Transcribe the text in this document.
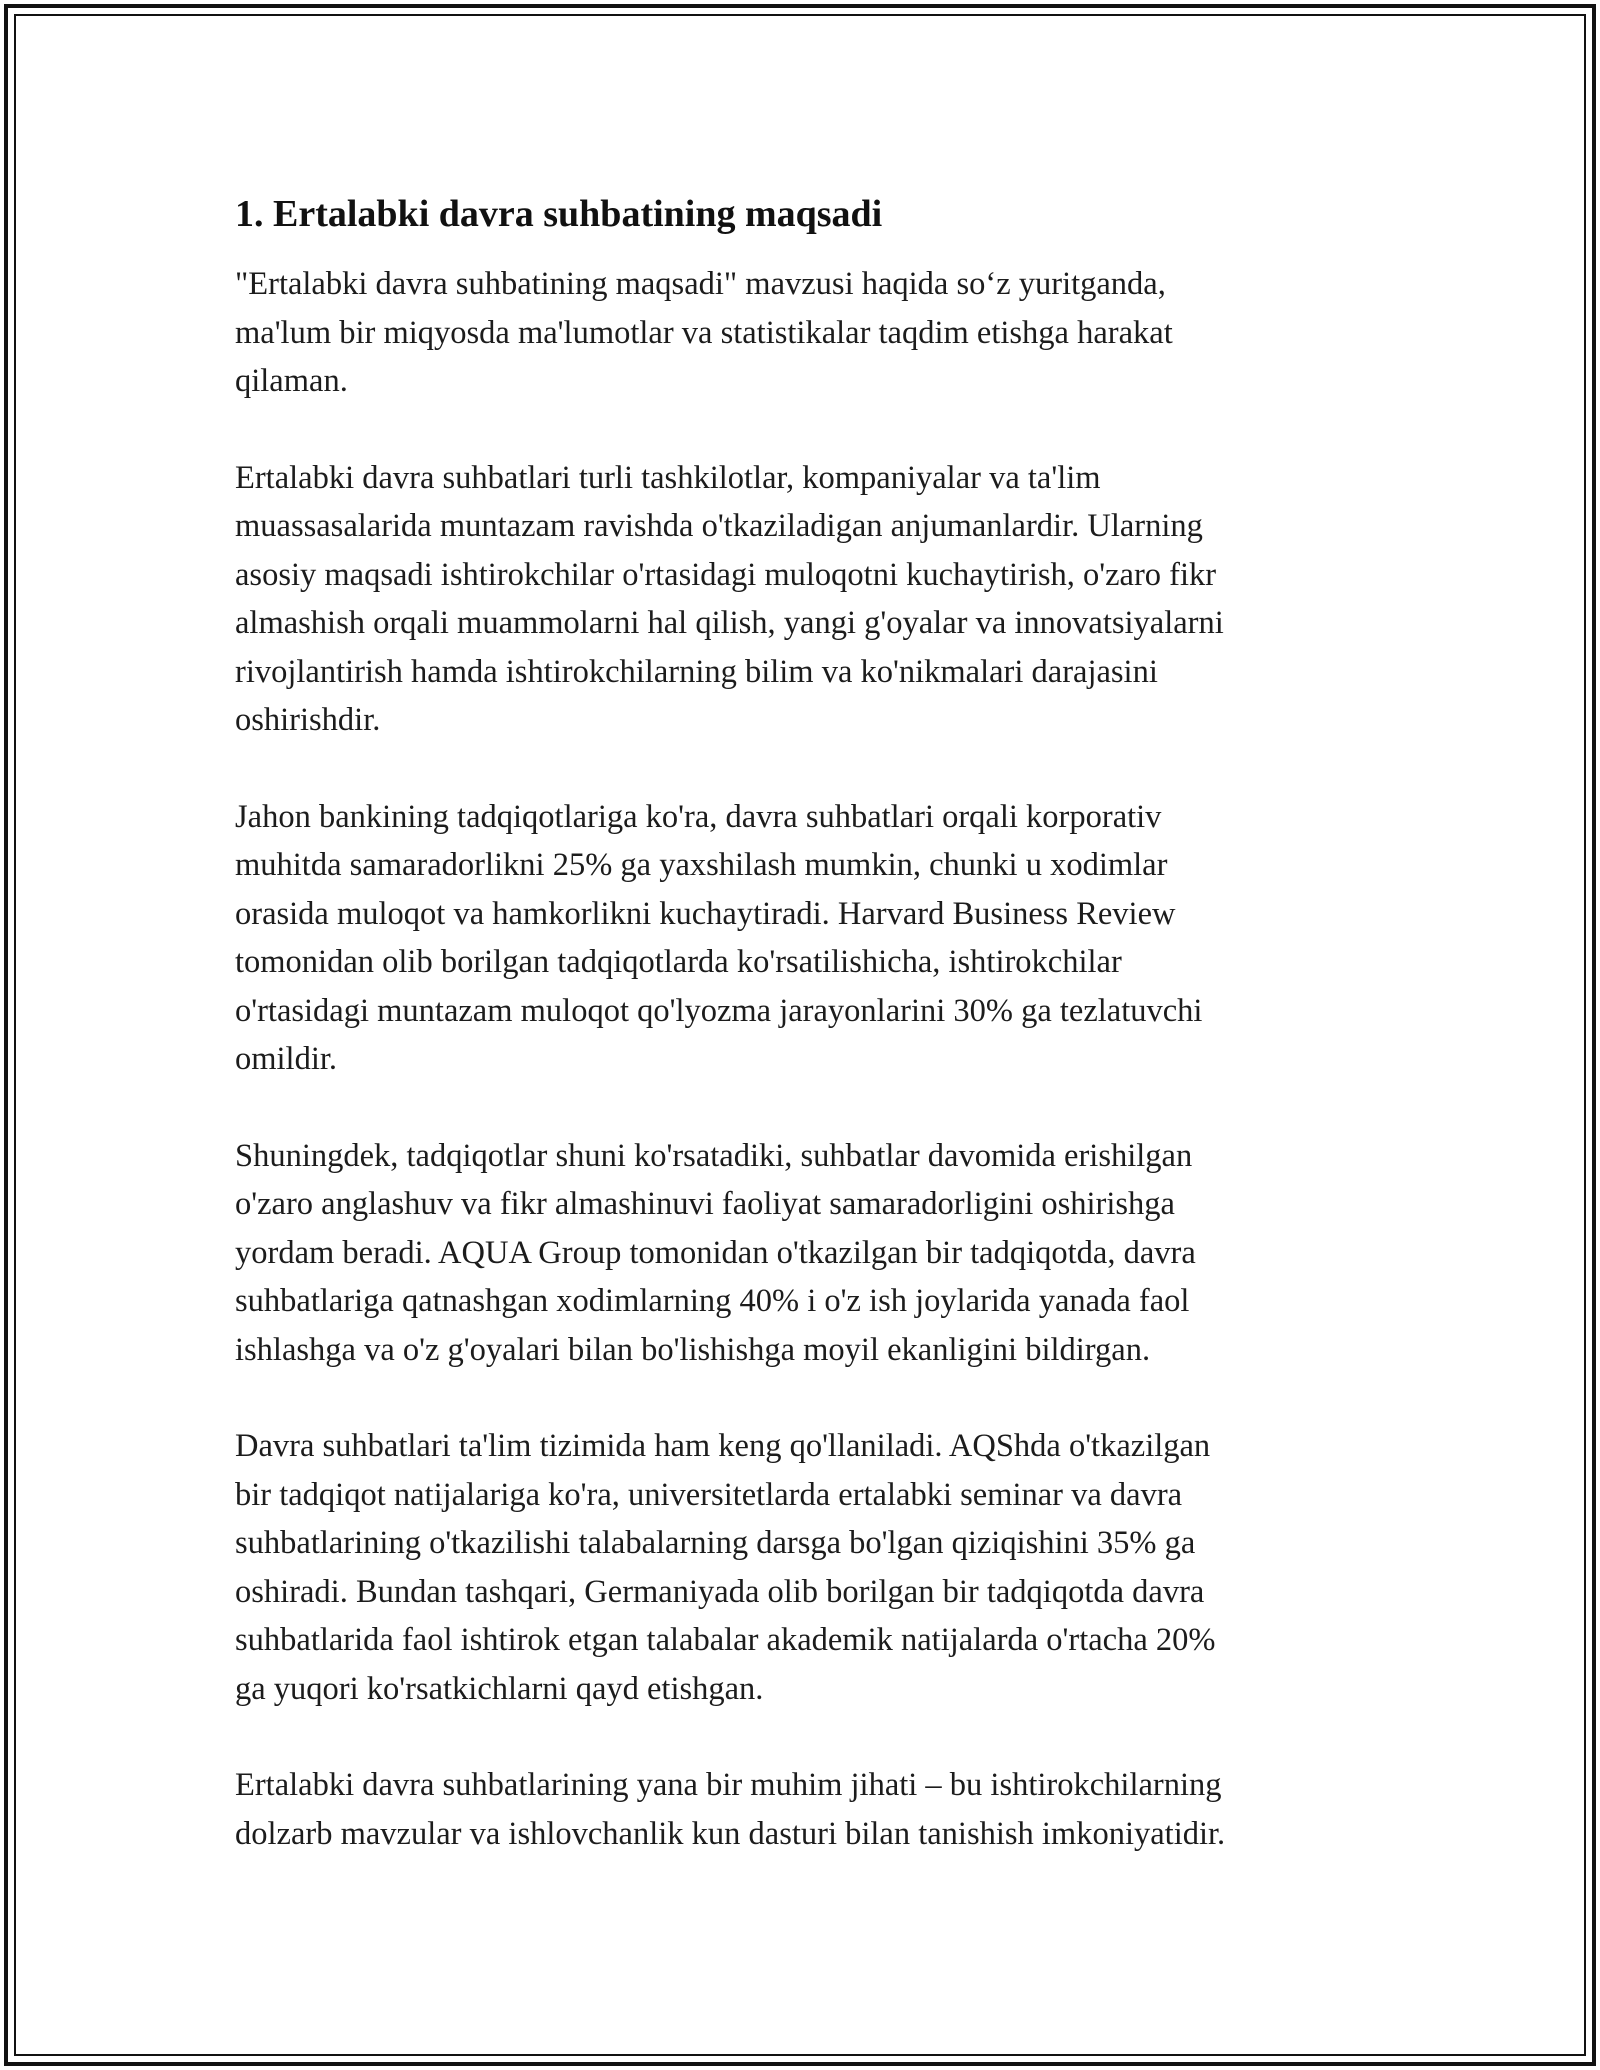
1. Ertalabki davra suhbatining maqsadi

"Ertalabki davra suhbatining maqsadi" mavzusi haqida so‘z yuritganda,
ma'lum bir miqyosda ma'lumotlar va statistikalar taqdim etishga harakat
qilaman.

Ertalabki davra suhbatlari turli tashkilotlar, kompaniyalar va ta'lim
muassasalarida muntazam ravishda o'tkaziladigan anjumanlardir. Ularning
asosiy maqsadi ishtirokchilar o'rtasidagi muloqotni kuchaytirish, o'zaro fikr
almashish orqali muammolarni hal qilish, yangi g'oyalar va innovatsiyalarni
rivojlantirish hamda ishtirokchilarning bilim va ko'nikmalari darajasini
oshirishdir.

Jahon bankining tadqiqotlariga ko'ra, davra suhbatlari orqali korporativ
muhitda samaradorlikni 25% ga yaxshilash mumkin, chunki u xodimlar
orasida muloqot va hamkorlikni kuchaytiradi. Harvard Business Review
tomonidan olib borilgan tadqiqotlarda ko'rsatilishicha, ishtirokchilar
o'rtasidagi muntazam muloqot qo'lyozma jarayonlarini 30% ga tezlatuvchi
omildir.

Shuningdek, tadqiqotlar shuni ko'rsatadiki, suhbatlar davomida erishilgan
o'zaro anglashuv va fikr almashinuvi faoliyat samaradorligini oshirishga
yordam beradi. AQUA Group tomonidan o'tkazilgan bir tadqiqotda, davra
suhbatlariga qatnashgan xodimlarning 40% i o'z ish joylarida yanada faol
ishlashga va o'z g'oyalari bilan bo'lishishga moyil ekanligini bildirgan.

Davra suhbatlari ta'lim tizimida ham keng qo'llaniladi. AQShda o'tkazilgan
bir tadqiqot natijalariga ko'ra, universitetlarda ertalabki seminar va davra
suhbatlarining o'tkazilishi talabalarning darsga bo'lgan qiziqishini 35% ga
oshiradi. Bundan tashqari, Germaniyada olib borilgan bir tadqiqotda davra
suhbatlarida faol ishtirok etgan talabalar akademik natijalarda o'rtacha 20%
ga yuqori ko'rsatkichlarni qayd etishgan.

Ertalabki davra suhbatlarining yana bir muhim jihati – bu ishtirokchilarning
dolzarb mavzular va ishlovchanlik kun dasturi bilan tanishish imkoniyatidir.
